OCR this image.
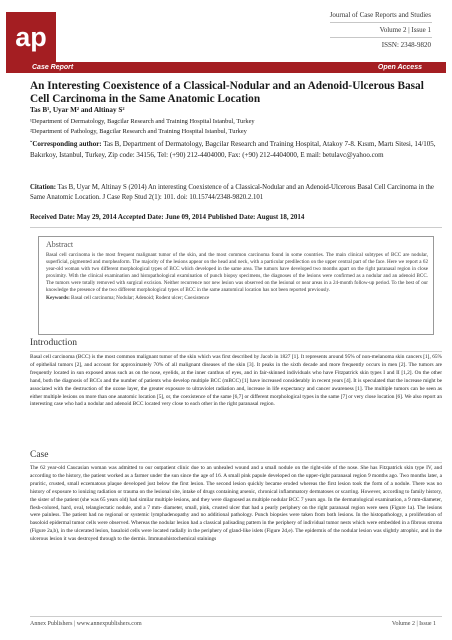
ap
Journal of Case Reports and Studies
Volume 2 | Issue 1
ISSN: 2348-9820
Case Report	Open Access
An Interesting Coexistence of a Classical-Nodular and an Adenoid-Ulcerous Basal Cell Carcinoma in the Same Anatomic Location
Tas B¹, Uyar M² and Altinay S²
¹Department of Dermatology, Bagcilar Research and Training Hospital Istanbul, Turkey
²Department of Pathology, Bagcilar Research and Training Hospital Istanbul, Turkey
ˇCorresponding author: Tas B, Department of Dermatology, Bagcilar Research and Training Hospital, Atakoy 7-8. Kısım, Martı Sitesi, 14/105, Bakırkoy, Istanbul, Turkey, Zip code: 34156, Tel: (+90) 212-4404000, Fax: (+90) 212-4404000, E mail: betulavc@yahoo.com
Citation: Tas B, Uyar M, Altinay S (2014) An interesting Coexistence of a Classical-Nodular and an Adenoid-Ulcerous Basal Cell Carcinoma in the Same Anatomic Location. J Case Rep Stud 2(1): 101. doi: 10.15744/2348-9820.2.101
Received Date: May 29, 2014 Accepted Date: June 09, 2014 Published Date: August 18, 2014
Abstract
Basal cell carcinoma is the most frequent malignant tumor of the skin, and the most common carcinoma found in some countries. The main clinical subtypes of BCC are nodular, superficial, pigmented and morpheaform. The majority of the lesions appear on the head and neck, with a particular predilection on the upper central part of the face. Here we report a 62 year-old woman with two different morphological types of BCC which developed in the same area. The tumors have developed two months apart on the right paranasal region in close proximity. With the clinical examination and histopathological examination of punch biopsy specimens, the diagnoses of the lesions were confirmed as a nodular and an adenoid BCC. The tumors were totally removed with surgical excision. Neither recurrence nor new lesion was observed on the lesional or near areas in a 24-month follow-up period. To the best of our knowledge the presence of the two different morphological types of BCC in the same anatomical location has not been reported previously.
Keywords: Basal cell carcinoma; Nodular; Adenoid; Rodent ulcer; Coexistence
Introduction
Basal cell carcinoma (BCC) is the most common malignant tumor of the skin which was first described by Jacob in 1827 [1]. It represents around 95% of non-melanoma skin cancers [1], 65% of epithelial tumors [2], and account for approximately 70% of all malignant diseases of the skin [3]. It peaks in the sixth decade and more frequently occurs in men [2]. The tumors are frequently located in sun exposed areas such as on the nose, eyelids, at the inner canthus of eyes, and in fair-skinned individuals who have Fitzpatrick skin types I and II [1,2]. On the other hand, both the diagnosis of BCCs and the number of patients who develop multiple BCC (mBCC) [1] have increased considerably in recent years [4]. It is speculated that the increase might be associated with the destruction of the ozone layer, the greater exposure to ultraviolet radiation and, increase in life expectancy and cancer awareness [1]. The multiple tumors can be seen as either multiple lesions on more than one anatomic location [5], or, the coexistence of the same [6,7] or different morphological types in the same [7] or very close location [6]. We also report an interesting case who had a nodular and adenoid BCC located very close to each other in the right paranasal region.
Case
The 62 year-old Caucasian woman was admitted to our outpatient clinic due to an unhealed wound and a small nodule on the right-side of the nose. She has Fitzpatrick skin type IV, and according to the history, the patient worked as a farmer under the sun since the age of 16. A small pink papule developed on the upper-right paranasal region 9 months ago. Two months later, a pruritic, crusted, small eczematous plaque developed just below the first lesion. The second lesion quickly became eroded whereas the first lesion took the form of a nodule. There was no history of exposure to ionizing radiation or trauma on the lesional site, intake of drugs containing arsenic, chronical inflammatory dermatoses or scarring. However, according to family history, the sister of the patient (she was 65 years old) had similar multiple lesions, and they were diagnosed as multiple nodular BCC 7 years ago. In the dermatological examination, a 9 mm-diameter, flesh-colored, hard, oval, telangiectatic nodule, and a 7 mm- diameter, small, pink, crusted ulcer that had a pearly periphery on the right paranasal region were seen (Figure 1a). The lesions were painless. The patient had no regional or systemic lymphadenopathy and no additional pathology. Punch biopsies were taken from both lesions. In the histopathology, a proliferation of basoloid epidermal tumor cells were observed. Whereas the nodular lesion had a classical palisading pattern in the periphery of individual tumor nests which were embedded in a fibrous stroma (Figure 2a,b), in the ulcerated lesion, basaloid cells were located radially in the periphery of gland-like islets (Figure 2d,e). The epidermis of the nodular lesion was slightly atrophic, and in the ulcerous lesion it was destroyed through to the dermis. Immunohistochemical stainings
Annex Publishers | www.annexpublishers.com	Volume 2 | Issue 1
